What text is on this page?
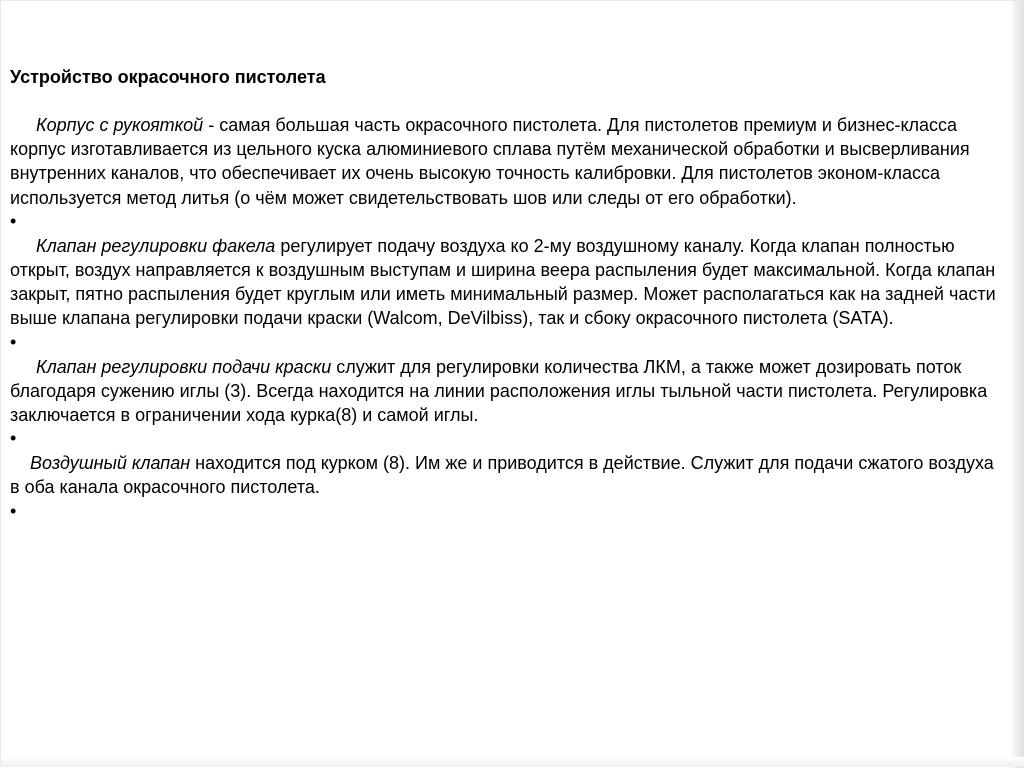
Устройство окрасочного пистолета

Корпус с рукояткой - самая большая часть окрасочного пистолета. Для пистолетов премиум и бизнес-класса корпус изготавливается из цельного куска алюминиевого сплава путём механической обработки и высверливания внутренних каналов, что обеспечивает их очень высокую точность калибровки. Для пистолетов эконом-класса используется метод литья (о чём может свидетельствовать шов или следы от его обработки).

•

Клапан регулировки факела регулирует подачу воздуха ко 2-му воздушному каналу. Когда клапан полностью открыт, воздух направляется к воздушным выступам и ширина веера распыления будет максимальной. Когда клапан закрыт, пятно распыления будет круглым или иметь минимальный размер. Может располагаться как на задней части выше клапана регулировки подачи краски (Walcom, DeVilbiss), так и сбоку окрасочного пистолета (SATA).

•

Клапан регулировки подачи краски служит для регулировки количества ЛКМ, а также может дозировать поток благодаря сужению иглы (3). Всегда находится на линии расположения иглы тыльной части пистолета. Регулировка заключается в ограничении хода курка(8) и самой иглы.

•

Воздушный клапан находится под курком (8). Им же и приводится в действие. Служит для подачи сжатого воздуха в оба канала окрасочного пистолета.

•
